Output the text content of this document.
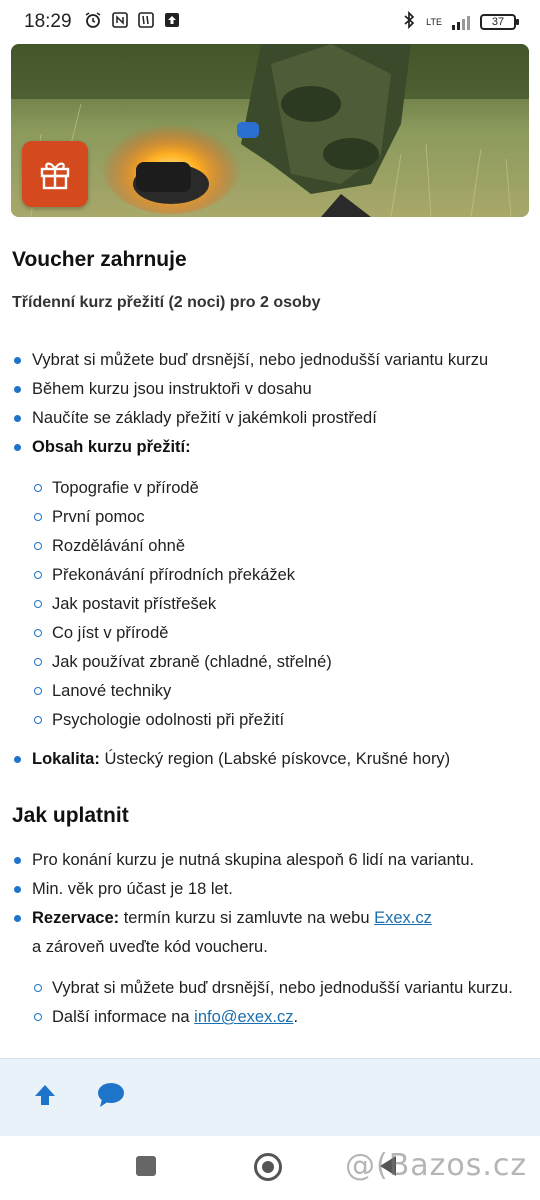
18:29	LTE	37
Voucher zahrnuje
Třídenní kurz přežití (2 noci) pro 2 osoby
Vybrat si můžete buď drsnější, nebo jednodušší variantu kurzu
Během kurzu jsou instruktoři v dosahu
Naučíte se základy přežití v jakémkoli prostředí
Obsah kurzu přežití:
Topografie v přírodě
První pomoc
Rozdělávání ohně
Překonávání přírodních překážek
Jak postavit přístřešek
Co jíst v přírodě
Jak používat zbraně (chladné, střelné)
Lanové techniky
Psychologie odolnosti při přežití
Lokalita: Ústecký region (Labské pískovce, Krušné hory)
Jak uplatnit
Pro konání kurzu je nutná skupina alespoň 6 lidí na variantu.
Min. věk pro účast je 18 let.
Rezervace: termín kurzu si zamluvte na webu Exex.cz
a zároveň uveďte kód voucheru.
Vybrat si můžete buď drsnější, nebo jednodušší variantu kurzu.
Další informace na info@exex.cz.
@(Bazos.cz
